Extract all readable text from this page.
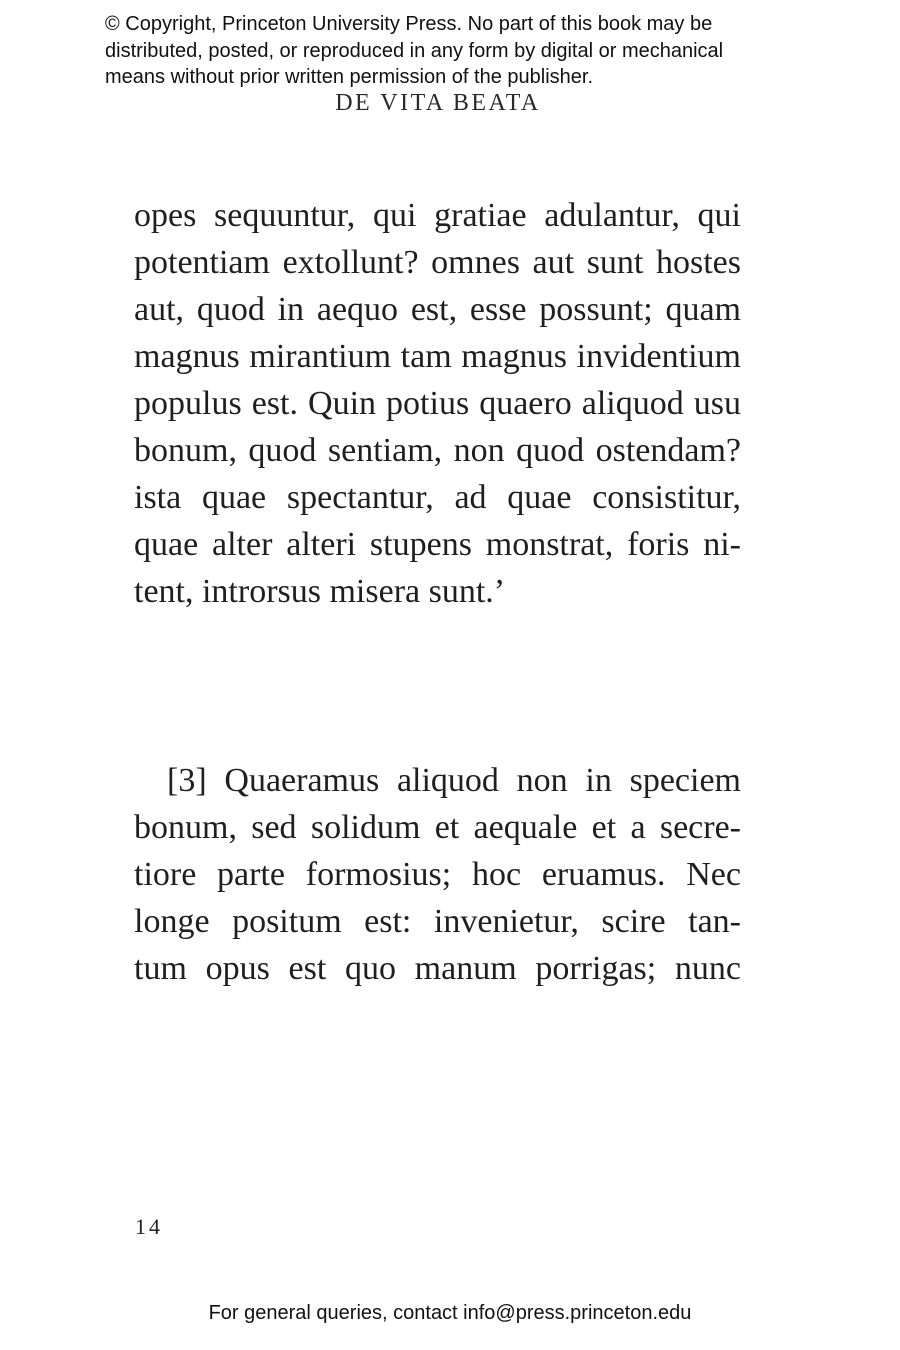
© Copyright, Princeton University Press. No part of this book may be
distributed, posted, or reproduced in any form by digital or mechanical
means without prior written permission of the publisher.
DE VITA BEATA
opes sequuntur, qui gratiae adulantur, qui
potentiam extollunt? omnes aut sunt hostes
aut, quod in aequo est, esse possunt; quam
magnus mirantium tam magnus invidentium
populus est. Quin potius quaero aliquod usu
bonum, quod sentiam, non quod ostendam?
ista quae spectantur, ad quae consistitur,
quae alter alteri stupens monstrat, foris ni-
tent, introrsus misera sunt.’
[3] Quaeramus aliquod non in speciem
bonum, sed solidum et aequale et a secre-
tiore parte formosius; hoc eruamus. Nec
longe positum est: invenietur, scire tan-
tum opus est quo manum porrigas; nunc
14
For general queries, contact info@press.princeton.edu
